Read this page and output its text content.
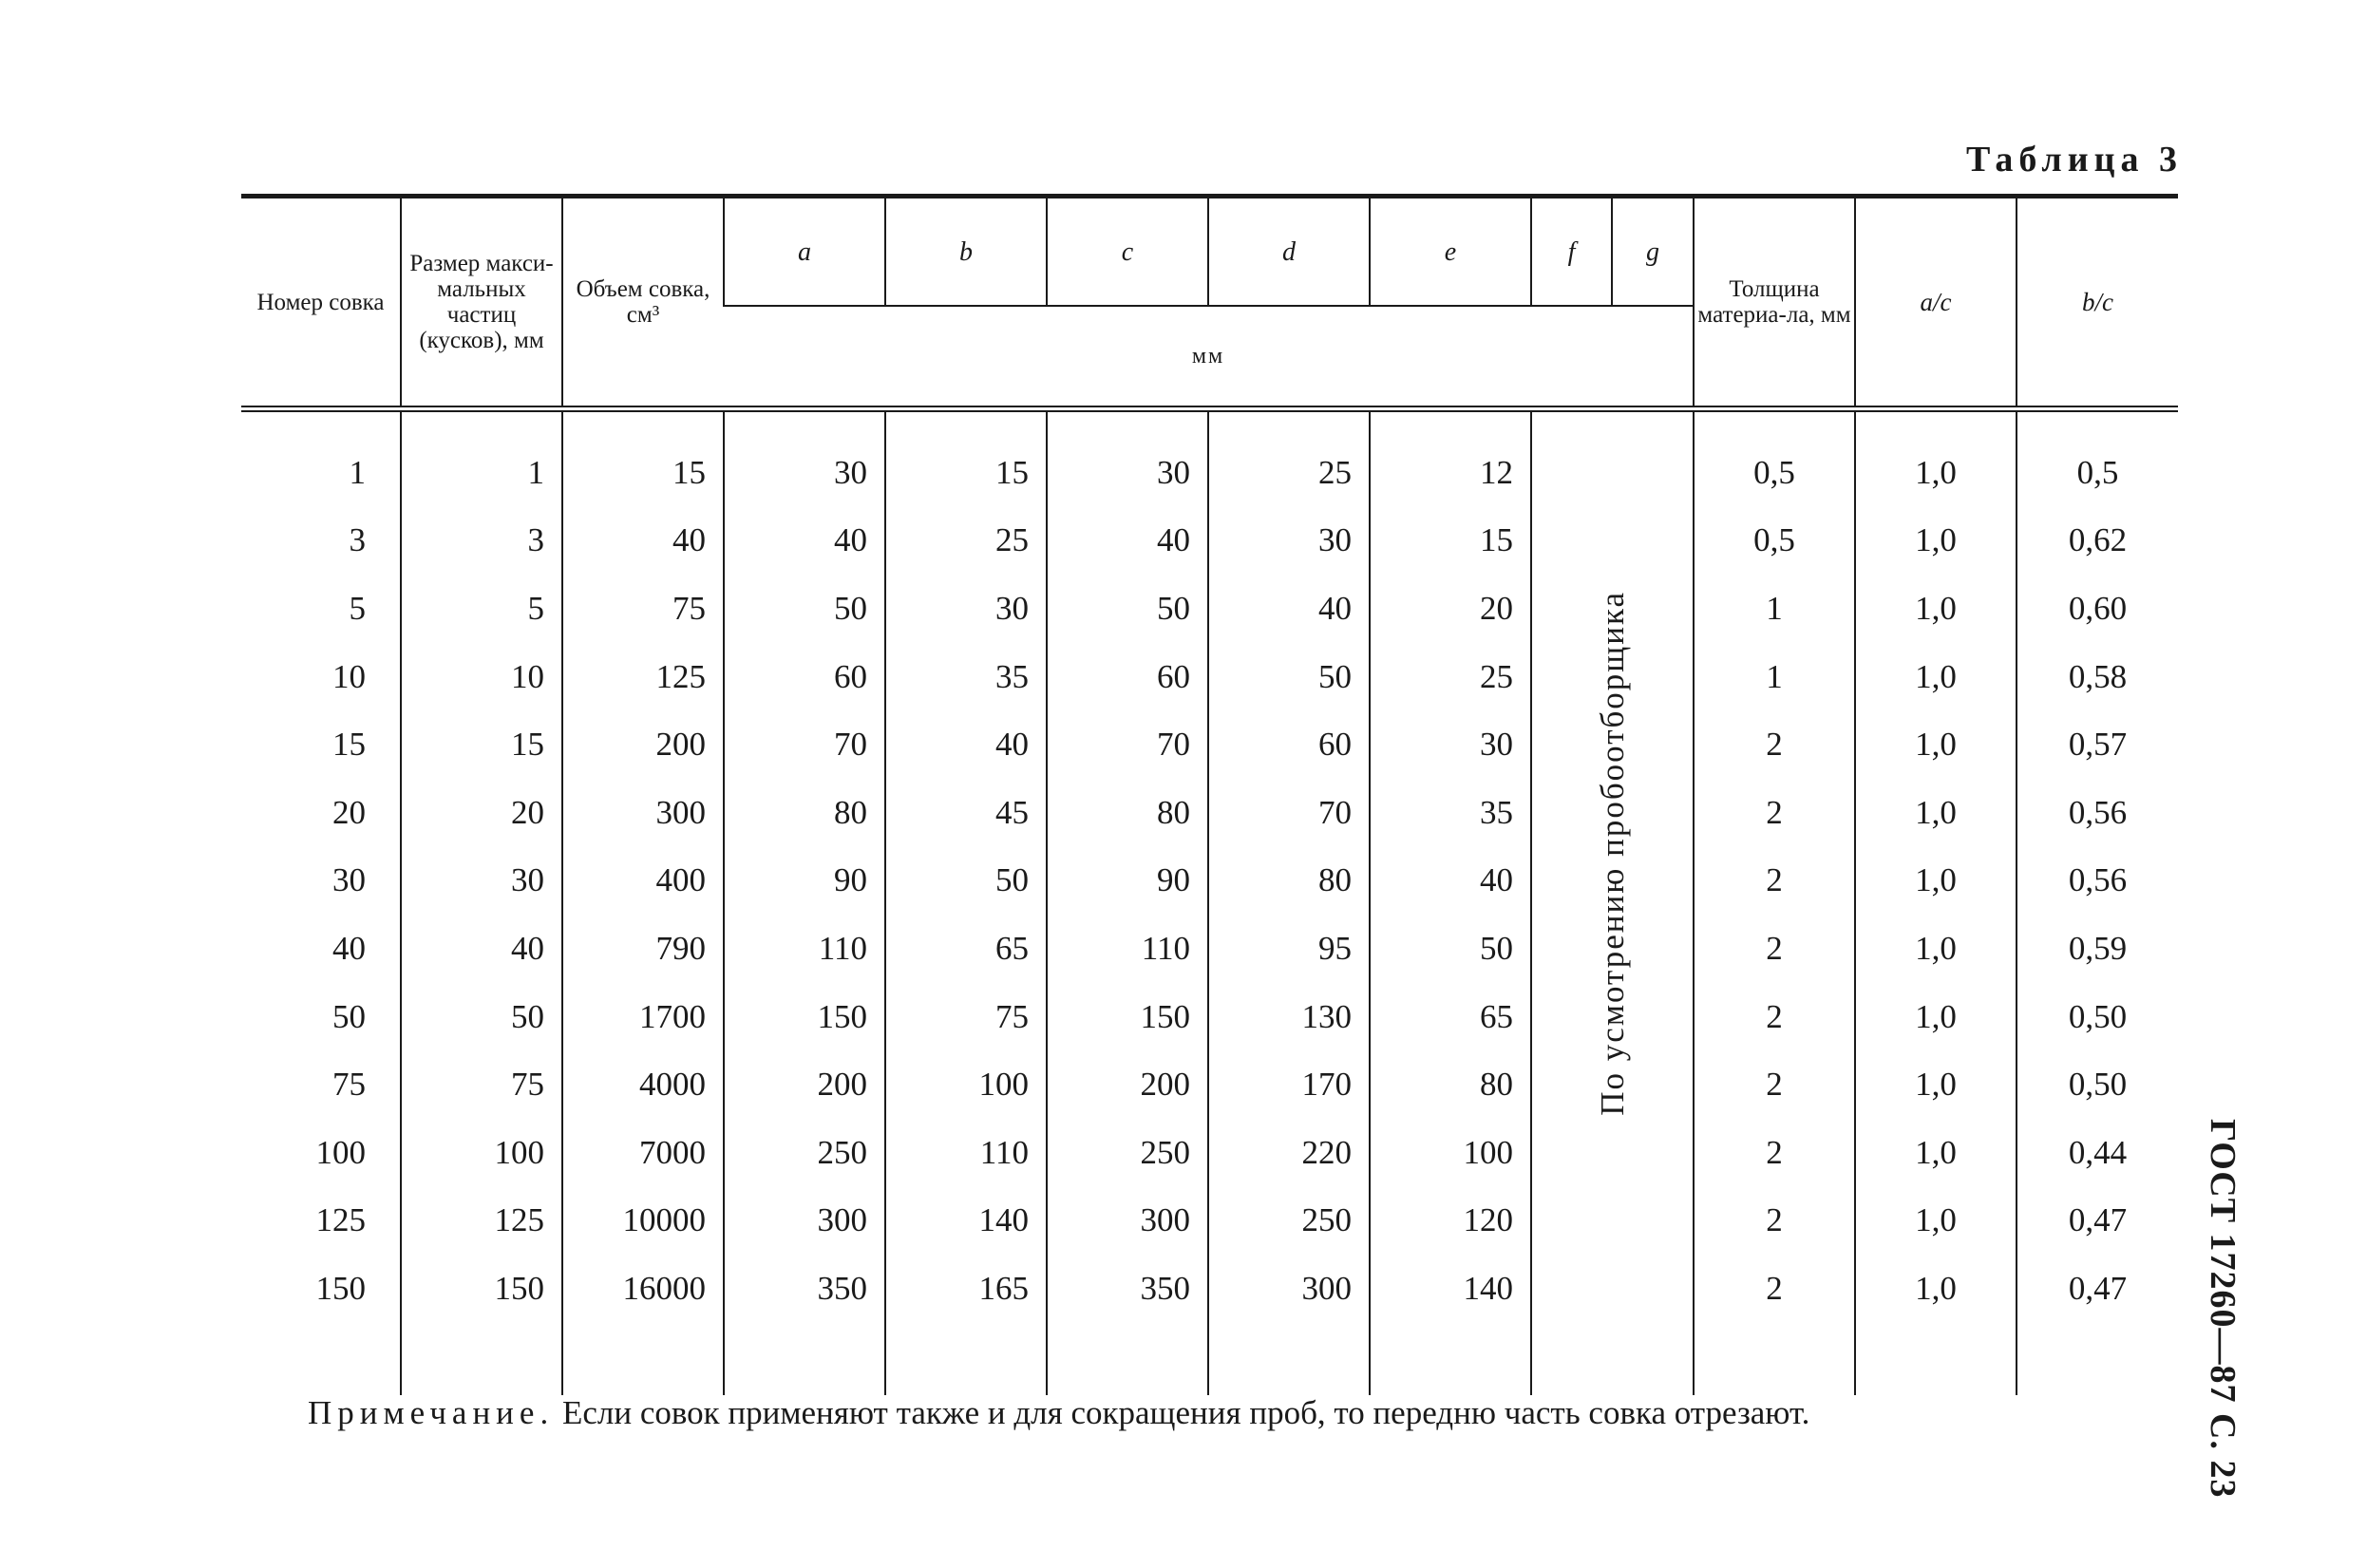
Таблица 3
Номер совка	Размер макси-мальных частиц (кусков), мм	Объем совка, см³	a	b	c	d	e	f	g	Толщина материа-ла, мм	a/c	b/c
			мм									
1	1	15	30	15	30	25	12	По усмотрению пробоотборщика		0,5	1,0	0,5
3	3	40	40	25	40	30	15			0,5	1,0	0,62
5	5	75	50	30	50	40	20			1	1,0	0,60
10	10	125	60	35	60	50	25			1	1,0	0,58
15	15	200	70	40	70	60	30			2	1,0	0,57
20	20	300	80	45	80	70	35			2	1,0	0,56
30	30	400	90	50	90	80	40			2	1,0	0,56
40	40	790	110	65	110	95	50			2	1,0	0,59
50	50	1700	150	75	150	130	65			2	1,0	0,50
75	75	4000	200	100	200	170	80			2	1,0	0,50
100	100	7000	250	110	250	220	100			2	1,0	0,44
125	125	10000	300	140	300	250	120			2	1,0	0,47
150	150	16000	350	165	350	300	140			2	1,0	0,47

Примечание. Если совок применяют также и для сокращения проб, то передню часть совка отрезают.	ГОСТ 17260—87 С. 23
